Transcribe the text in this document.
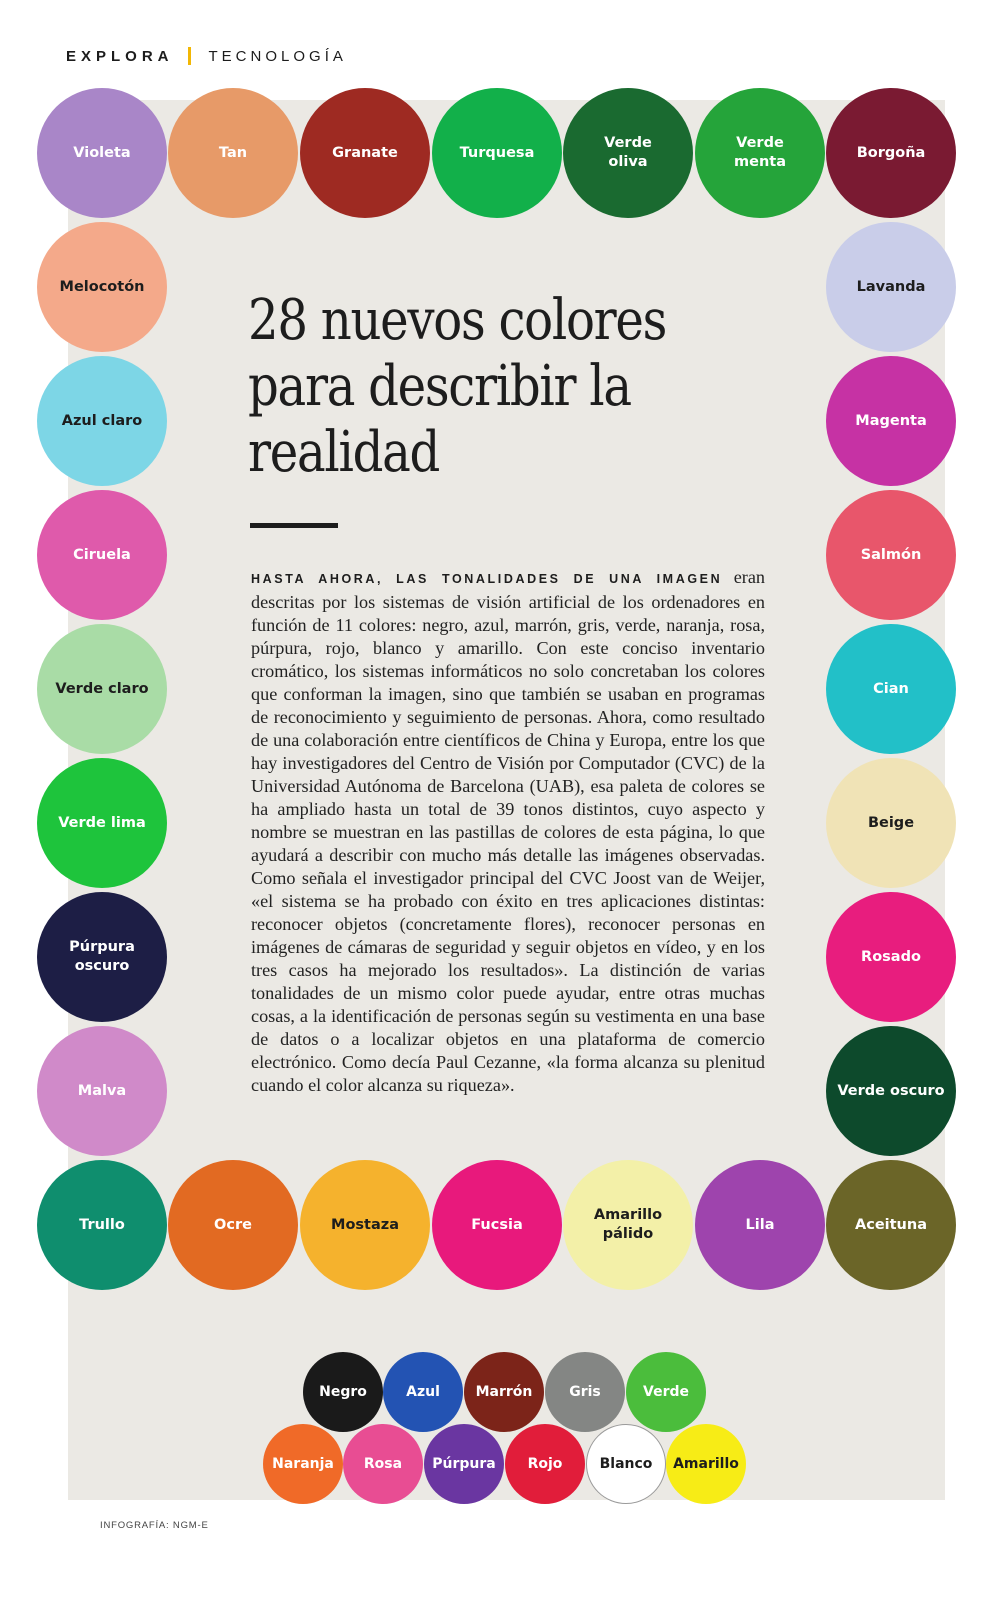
EXPLORA TECNOLOGÍA
Violeta	Tan	Granate	Turquesa
Verde
oliva
Verde
menta
Borgoña
Melocotón	Lavanda
Azul claro	Magenta
Ciruela	Salmón
Verde claro	Cian
Verde lima	Beige
Púrpura
oscuro
Rosado
Malva	Verde oscuro
Trullo	Ocre	Mostaza	Fucsia
Amarillo
pálido
Lila	Aceituna
28 nuevos colores para describir la realidad

HASTA AHORA, LAS TONALIDADES DE UNA IMAGEN eran descritas por los sistemas de visión artificial de los ordenadores en función de 11 colores: negro, azul, marrón, gris, verde, naranja, rosa, púrpura, rojo, blanco y amarillo. Con este conciso inventario cromático, los sistemas informáticos no solo concretaban los colores que conforman la imagen, sino que también se usaban en programas de reconocimiento y seguimiento de personas. Ahora, como resultado de una colaboración entre científicos de China y Europa, entre los que hay investigadores del Centro de Visión por Computador (CVC) de la Universidad Autónoma de Barcelona (UAB), esa paleta de colores se ha ampliado hasta un total de 39 tonos distintos, cuyo aspecto y nombre se muestran en las pastillas de colores de esta página, lo que ayudará a describir con mucho más detalle las imágenes observadas. Como señala el investigador principal del CVC Joost van de Weijer, «el sistema se ha probado con éxito en tres aplicaciones distintas: reconocer objetos (concretamente flores), reconocer personas en imágenes de cámaras de seguridad y seguir objetos en vídeo, y en los tres casos ha mejorado los resultados». La distinción de varias tonalidades de un mismo color puede ayudar, entre otras muchas cosas, a la identificación de personas según su vestimenta en una base de datos o a localizar objetos en una plataforma de comercio electrónico. Como decía Paul Cezanne, «la forma alcanza su plenitud cuando el color alcanza su riqueza».

Negro	Azul	Marrón	Gris	Verde
Naranja	Rosa	Púrpura	Rojo	Blanco	Amarillo
INFOGRAFÍA: NGM-E
